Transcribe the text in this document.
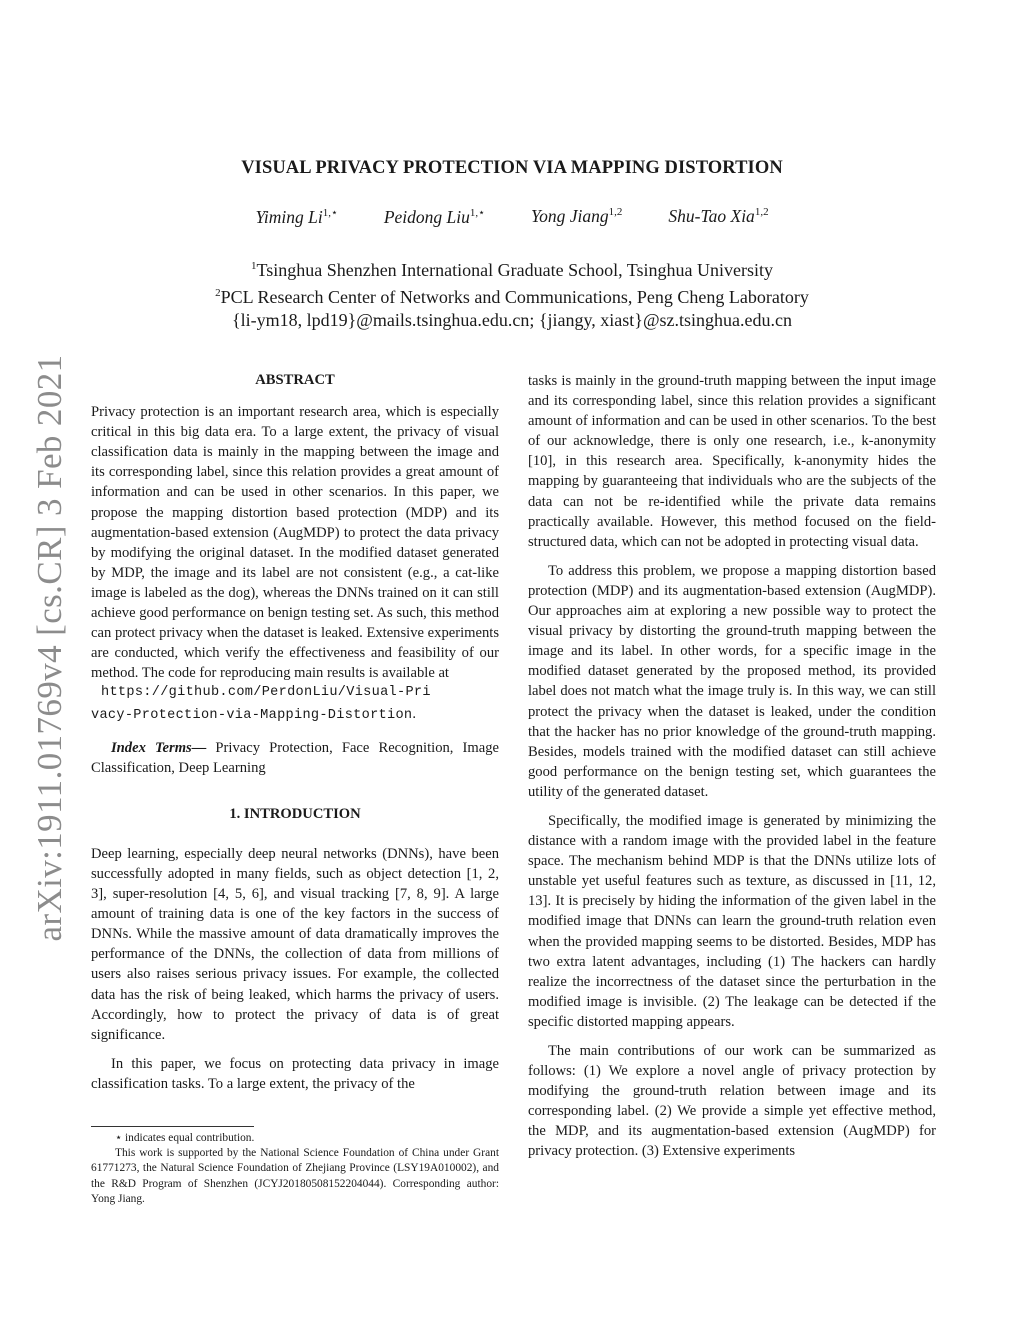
arXiv:1911.01769v4 [cs.CR] 3 Feb 2021
VISUAL PRIVACY PROTECTION VIA MAPPING DISTORTION
Yiming $Li^{1,⋆}$	Peidong Liu$^{1,⋆}$	Yong Jiang$^{1,2}$	Shu-Tao Xia$^{1,2}$
$^1$Tsinghua Shenzhen International Graduate School, Tsinghua University
$^2$PCL Research Center of Networks and Communications, Peng Cheng Laboratory
{li-ym18, lpd19}@mails.tsinghua.edu.cn; {jiangy, xiast}@sz.tsinghua.edu.cn
ABSTRACT

Privacy protection is an important research area, which is especially critical in this big data era. To a large extent, the privacy of visual classification data is mainly in the mapping between the image and its corresponding label, since this relation provides a great amount of information and can be used in other scenarios. In this paper, we propose the mapping distortion based protection (MDP) and its augmentation-based extension (AugMDP) to protect the data privacy by modifying the original dataset. In the modified dataset generated by MDP, the image and its label are not consistent (e.g., a cat-like image is labeled as the dog), whereas the DNNs trained on it can still achieve good performance on benign testing set. As such, this method can protect privacy when the dataset is leaked. Extensive experiments are conducted, which verify the effectiveness and feasibility of our method. The code for reproducing main results is available at
https://github.com/PerdonLiu/Visual-Pri
vacy-Protection-via-Mapping-Distortion.

Index Terms— Privacy Protection, Face Recognition, Image Classification, Deep Learning

1. INTRODUCTION

Deep learning, especially deep neural networks (DNNs), have been successfully adopted in many fields, such as object detection [1, 2, 3], super-resolution [4, 5, 6], and visual tracking [7, 8, 9]. A large amount of training data is one of the key factors in the success of DNNs. While the massive amount of data dramatically improves the performance of the DNNs, the collection of data from millions of users also raises serious privacy issues. For example, the collected data has the risk of being leaked, which harms the privacy of users. Accordingly, how to protect the privacy of data is of great significance.

In this paper, we focus on protecting data privacy in image classification tasks. To a large extent, the privacy of the

⋆ indicates equal contribution.

This work is supported by the National Science Foundation of China under Grant 61771273, the Natural Science Foundation of Zhejiang Province (LSY19A010002), and the R&D Program of Shenzhen (JCYJ20180508152204044). Corresponding author: Yong Jiang.

tasks is mainly in the ground-truth mapping between the input image and its corresponding label, since this relation provides a significant amount of information and can be used in other scenarios. To the best of our acknowledge, there is only one research, i.e., k-anonymity [10], in this research area. Specifically, k-anonymity hides the mapping by guaranteeing that individuals who are the subjects of the data can not be re-identified while the private data remains practically available. However, this method focused on the field-structured data, which can not be adopted in protecting visual data.

To address this problem, we propose a mapping distortion based protection (MDP) and its augmentation-based extension (AugMDP). Our approaches aim at exploring a new possible way to protect the visual privacy by distorting the ground-truth mapping between the image and its label. In other words, for a specific image in the modified dataset generated by the proposed method, its provided label does not match what the image truly is. In this way, we can still protect the privacy when the dataset is leaked, under the condition that the hacker has no prior knowledge of the ground-truth mapping. Besides, models trained with the modified dataset can still achieve good performance on the benign testing set, which guarantees the utility of the generated dataset.

Specifically, the modified image is generated by minimizing the distance with a random image with the provided label in the feature space. The mechanism behind MDP is that the DNNs utilize lots of unstable yet useful features such as texture, as discussed in [11, 12, 13]. It is precisely by hiding the information of the given label in the modified image that DNNs can learn the ground-truth relation even when the provided mapping seems to be distorted. Besides, MDP has two extra latent advantages, including (1) The hackers can hardly realize the incorrectness of the dataset since the perturbation in the modified image is invisible. (2) The leakage can be detected if the specific distorted mapping appears.

The main contributions of our work can be summarized as follows: (1) We explore a novel angle of privacy protection by modifying the ground-truth relation between image and its corresponding label. (2) We provide a simple yet effective method, the MDP, and its augmentation-based extension (AugMDP) for privacy protection. (3) Extensive experiments
